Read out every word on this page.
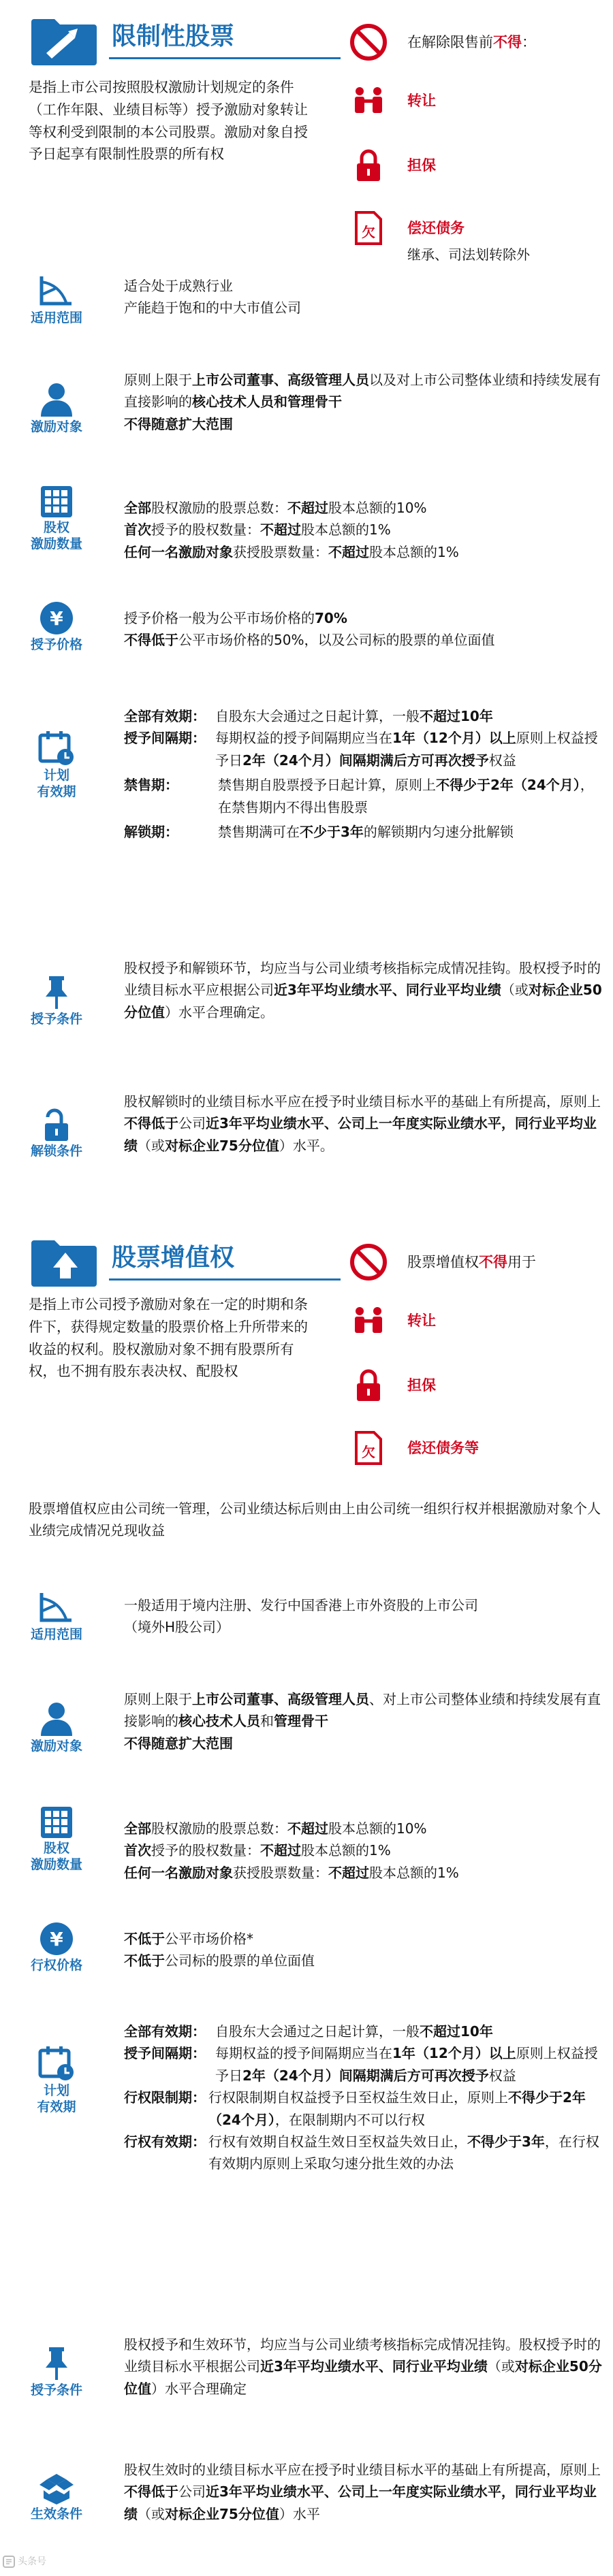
限制性股票
是指上市公司按照股权激励计划规定的条件（工作年限、业绩目标等）授予激励对象转让等权利受到限制的本公司股票。激励对象自授予日起享有限制性股票的所有权
在解除限售前不得：
转让
担保
欠 偿还债务
继承、司法划转除外
适用范围
适合处于成熟行业
产能趋于饱和的中大市值公司
激励对象
原则上限于上市公司董事、高级管理人员以及对上市公司整体业绩和持续发展有直接影响的核心技术人员和管理骨干
不得随意扩大范围
股权
激励数量
全部股权激励的股票总数：不超过股本总额的10%
首次授予的股权数量：不超过股本总额的1%
任何一名激励对象获授股票数量：不超过股本总额的1%
¥
授予价格
授予价格一般为公平市场价格的70%
不得低于公平市场价格的50%，以及公司标的股票的单位面值
计划
有效期
全部有效期： 自股东大会通过之日起计算，一般不超过10年
授予间隔期： 每期权益的授予间隔期应当在1年（12个月）以上原则上权益授予日2年（24个月）间隔期满后方可再次授予权益
禁售期：	禁售期自股票授予日起计算，原则上不得少于2年（24个月），在禁售期内不得出售股票
解锁期：	禁售期满可在不少于3年的解锁期内匀速分批解锁
授予条件
股权授予和解锁环节，均应当与公司业绩考核指标完成情况挂钩。股权授予时的业绩目标水平应根据公司近3年平均业绩水平、同行业平均业绩（或对标企业50分位值）水平合理确定。
解锁条件
股权解锁时的业绩目标水平应在授予时业绩目标水平的基础上有所提高，原则上不得低于公司近3年平均业绩水平、公司上一年度实际业绩水平，同行业平均业绩（或对标企业75分位值）水平。
股票增值权
是指上市公司授予激励对象在一定的时期和条件下，获得规定数量的股票价格上升所带来的收益的权利。股权激励对象不拥有股票所有权，也不拥有股东表决权、配股权
股票增值权不得用于
转让
担保
欠 偿还债务等
股票增值权应由公司统一管理，公司业绩达标后则由上由公司统一组织行权并根据激励对象个人业绩完成情况兑现收益
适用范围
一般适用于境内注册、发行中国香港上市外资股的上市公司
（境外H股公司）
激励对象
原则上限于上市公司董事、高级管理人员、对上市公司整体业绩和持续发展有直接影响的核心技术人员和管理骨干
不得随意扩大范围
股权
激励数量
全部股权激励的股票总数：不超过股本总额的10%
首次授予的股权数量：不超过股本总额的1%
任何一名激励对象获授股票数量：不超过股本总额的1%
¥
行权价格
不低于公平市场价格*
不低于公司标的股票的单位面值
计划
有效期
全部有效期： 自股东大会通过之日起计算，一般不超过10年
授予间隔期： 每期权益的授予间隔期应当在1年（12个月）以上原则上权益授予日2年（24个月）间隔期满后方可再次授予权益
行权限制期： 行权限制期自权益授予日至权益生效日止，原则上不得少于2年（24个月），在限制期内不可以行权
行权有效期： 行权有效期自权益生效日至权益失效日止，不得少于3年，在行权有效期内原则上采取匀速分批生效的办法
授予条件
股权授予和生效环节，均应当与公司业绩考核指标完成情况挂钩。股权授予时的业绩目标水平根据公司近3年平均业绩水平、同行业平均业绩（或对标企业50分位值）水平合理确定
生效条件
股权生效时的业绩目标水平应在授予时业绩目标水平的基础上有所提高，原则上不得低于公司近3年平均业绩水平、公司上一年度实际业绩水平，同行业平均业绩（或对标企业75分位值）水平
头条号
